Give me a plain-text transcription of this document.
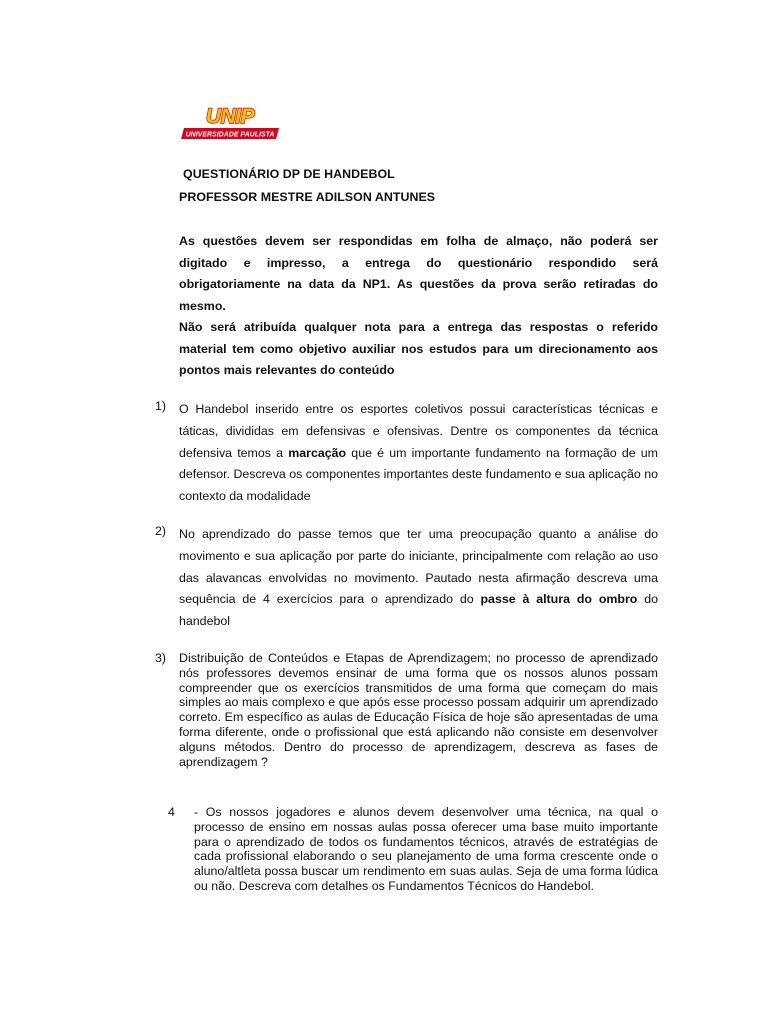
UNIP
UNIVERSIDADE PAULISTA
QUESTIONÁRIO DP DE HANDEBOL
PROFESSOR MESTRE ADILSON ANTUNES

As questões devem ser respondidas em folha de almaço, não poderá ser digitado e impresso, a entrega do questionário respondido será obrigatoriamente na data da NP1. As questões da prova serão retiradas do mesmo.

Não será atribuída qualquer nota para a entrega das respostas o referido material tem como objetivo auxiliar nos estudos para um direcionamento aos pontos mais relevantes do conteúdo

1) O Handebol inserido entre os esportes coletivos possui características técnicas e táticas, divididas em defensivas e ofensivas. Dentre os componentes da técnica defensiva temos a marcação que é um importante fundamento na formação de um defensor. Descreva os componentes importantes deste fundamento e sua aplicação no contexto da modalidade
2) No aprendizado do passe temos que ter uma preocupação quanto a análise do movimento e sua aplicação por parte do iniciante, principalmente com relação ao uso das alavancas envolvidas no movimento. Pautado nesta afirmação descreva uma sequência de 4 exercícios para o aprendizado do passe à altura do ombro do handebol
3) Distribuição de Conteúdos e Etapas de Aprendizagem; no processo de aprendizado nós professores devemos ensinar de uma forma que os nossos alunos possam compreender que os exercícios transmitidos de uma forma que começam do mais simples ao mais complexo e que após esse processo possam adquirir um aprendizado correto. Em específico as aulas de Educação Física de hoje são apresentadas de uma forma diferente, onde o profissional que está aplicando não consiste em desenvolver alguns métodos. Dentro do processo de aprendizagem, descreva as fases de aprendizagem ?
4 - Os nossos jogadores e alunos devem desenvolver uma técnica, na qual o processo de ensino em nossas aulas possa oferecer uma base muito importante para o aprendizado de todos os fundamentos técnicos, através de estratégias de cada profissional elaborando o seu planejamento de uma forma crescente onde o aluno/altleta possa buscar um rendimento em suas aulas. Seja de uma forma lúdica ou não. Descreva com detalhes os Fundamentos Técnicos do Handebol.
